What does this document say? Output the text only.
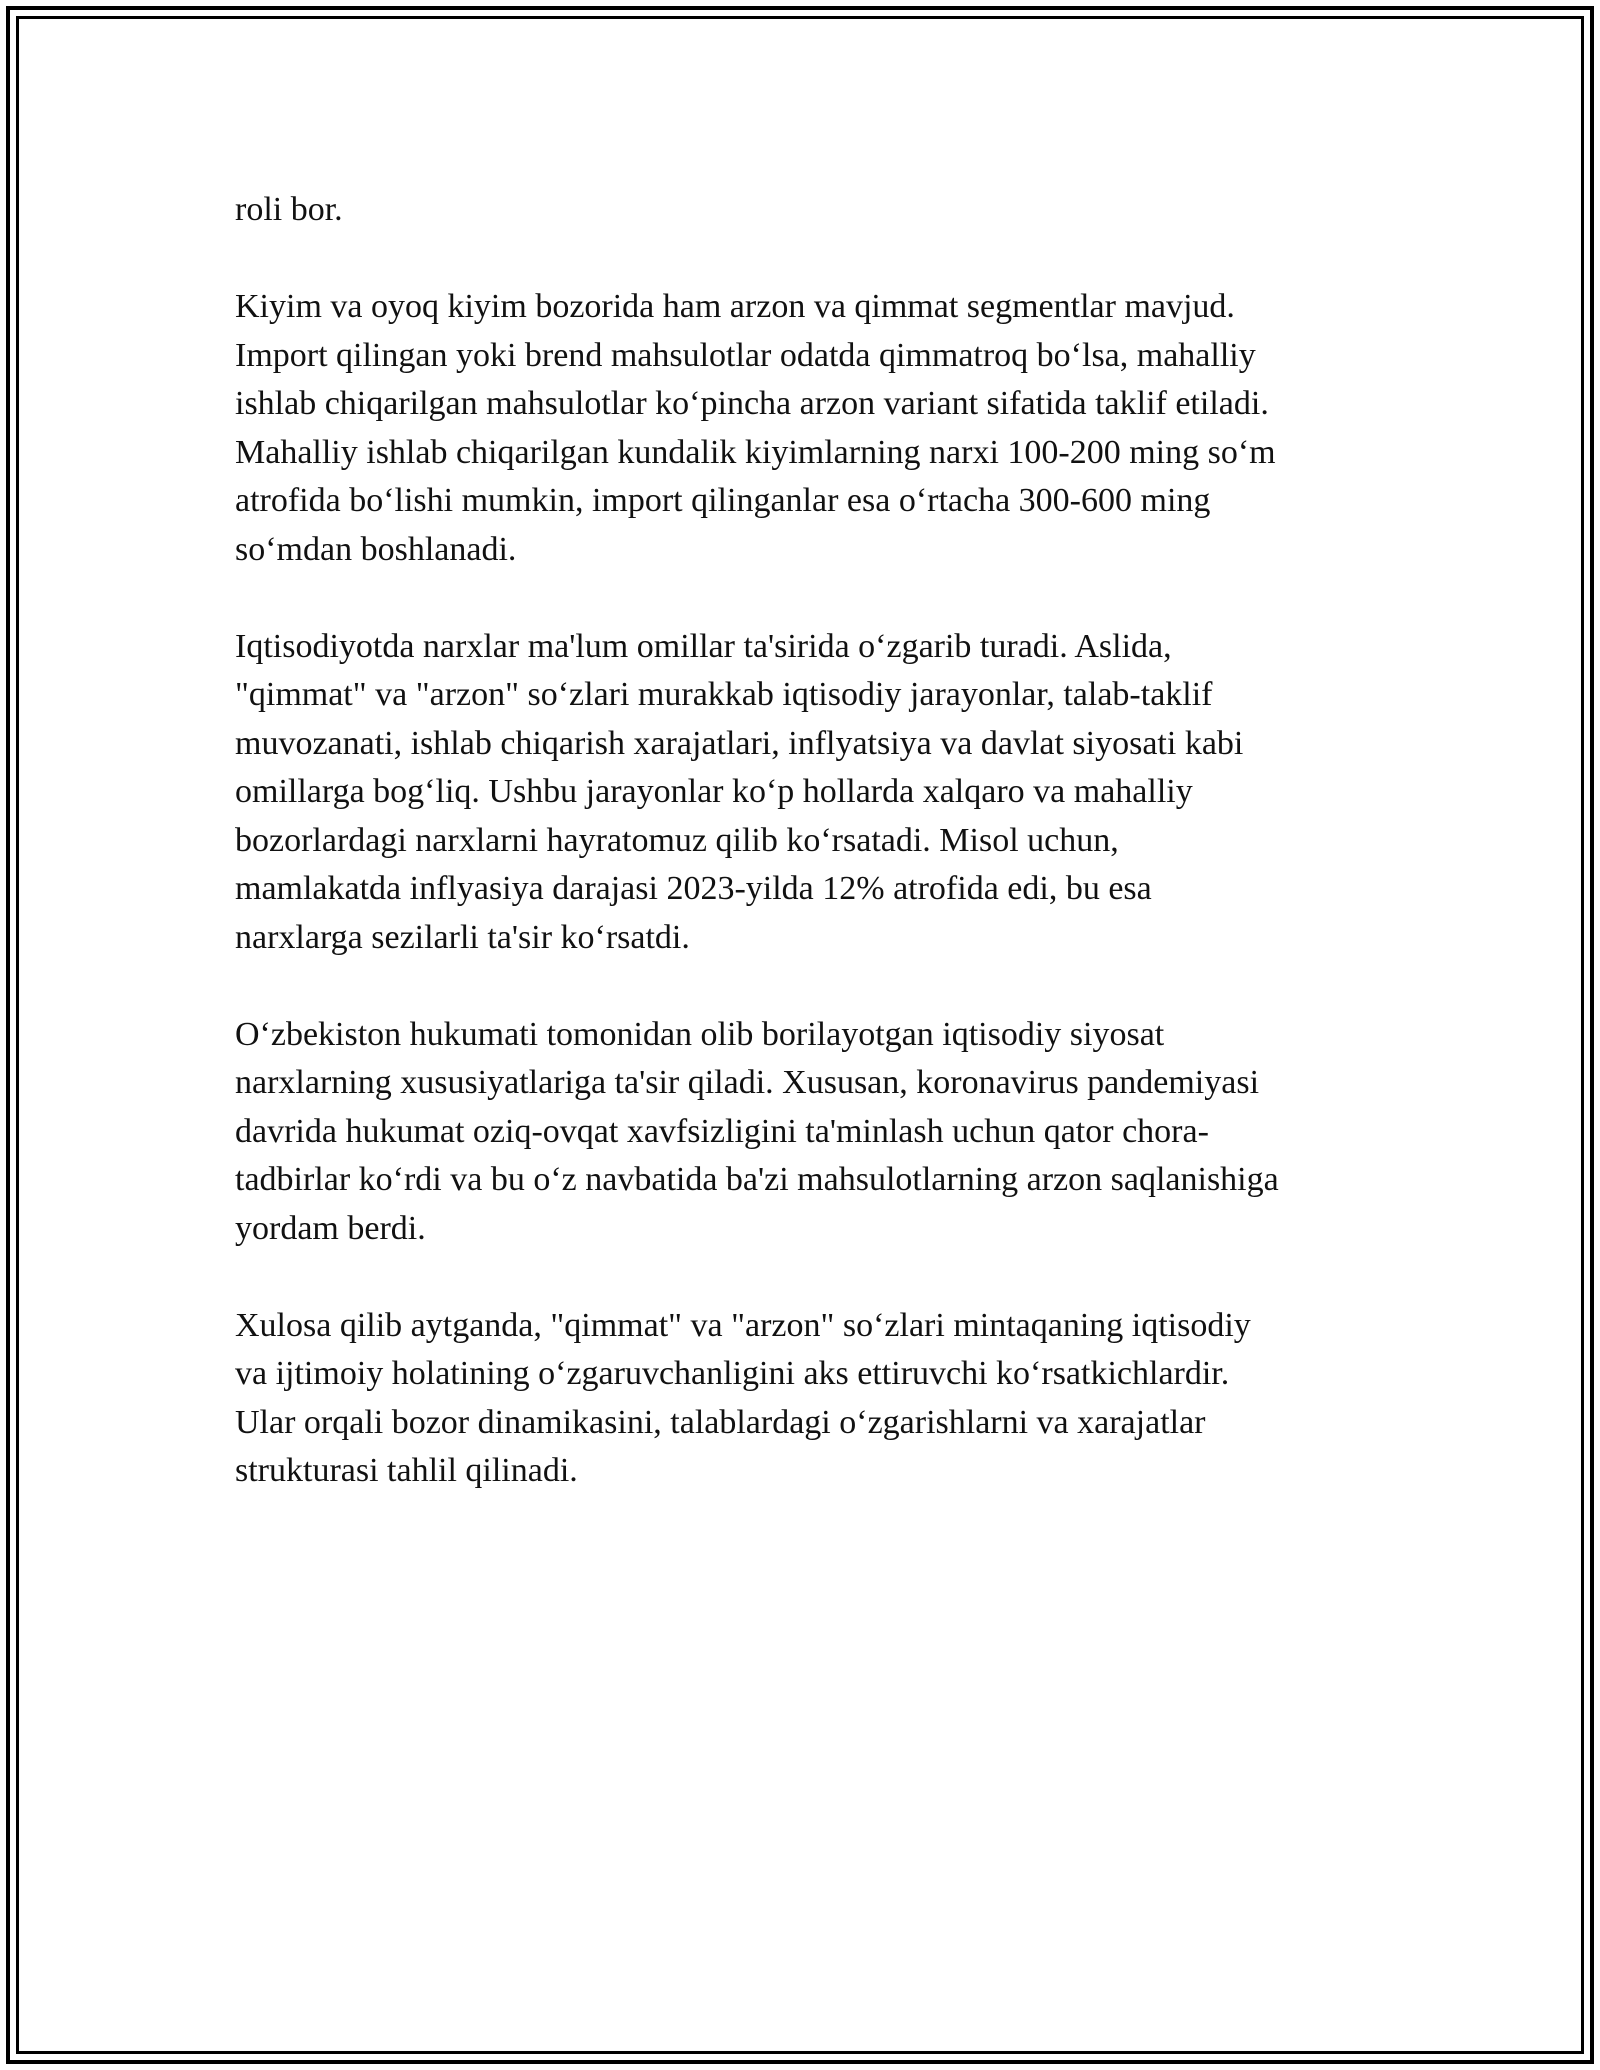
roli bor.

Kiyim va oyoq kiyim bozorida ham arzon va qimmat segmentlar mavjud.
Import qilingan yoki brend mahsulotlar odatda qimmatroq bo‘lsa, mahalliy
ishlab chiqarilgan mahsulotlar ko‘pincha arzon variant sifatida taklif etiladi.
Mahalliy ishlab chiqarilgan kundalik kiyimlarning narxi 100-200 ming so‘m
atrofida bo‘lishi mumkin, import qilinganlar esa o‘rtacha 300-600 ming
so‘mdan boshlanadi.

Iqtisodiyotda narxlar ma'lum omillar ta'sirida o‘zgarib turadi. Aslida,
"qimmat" va "arzon" so‘zlari murakkab iqtisodiy jarayonlar, talab-taklif
muvozanati, ishlab chiqarish xarajatlari, inflyatsiya va davlat siyosati kabi
omillarga bog‘liq. Ushbu jarayonlar ko‘p hollarda xalqaro va mahalliy
bozorlardagi narxlarni hayratomuz qilib ko‘rsatadi. Misol uchun,
mamlakatda inflyasiya darajasi 2023-yilda 12% atrofida edi, bu esa
narxlarga sezilarli ta'sir ko‘rsatdi.

O‘zbekiston hukumati tomonidan olib borilayotgan iqtisodiy siyosat
narxlarning xususiyatlariga ta'sir qiladi. Xususan, koronavirus pandemiyasi
davrida hukumat oziq-ovqat xavfsizligini ta'minlash uchun qator chora-
tadbirlar ko‘rdi va bu o‘z navbatida ba'zi mahsulotlarning arzon saqlanishiga
yordam berdi.

Xulosa qilib aytganda, "qimmat" va "arzon" so‘zlari mintaqaning iqtisodiy
va ijtimoiy holatining o‘zgaruvchanligini aks ettiruvchi ko‘rsatkichlardir.
Ular orqali bozor dinamikasini, talablardagi o‘zgarishlarni va xarajatlar
strukturasi tahlil qilinadi.
